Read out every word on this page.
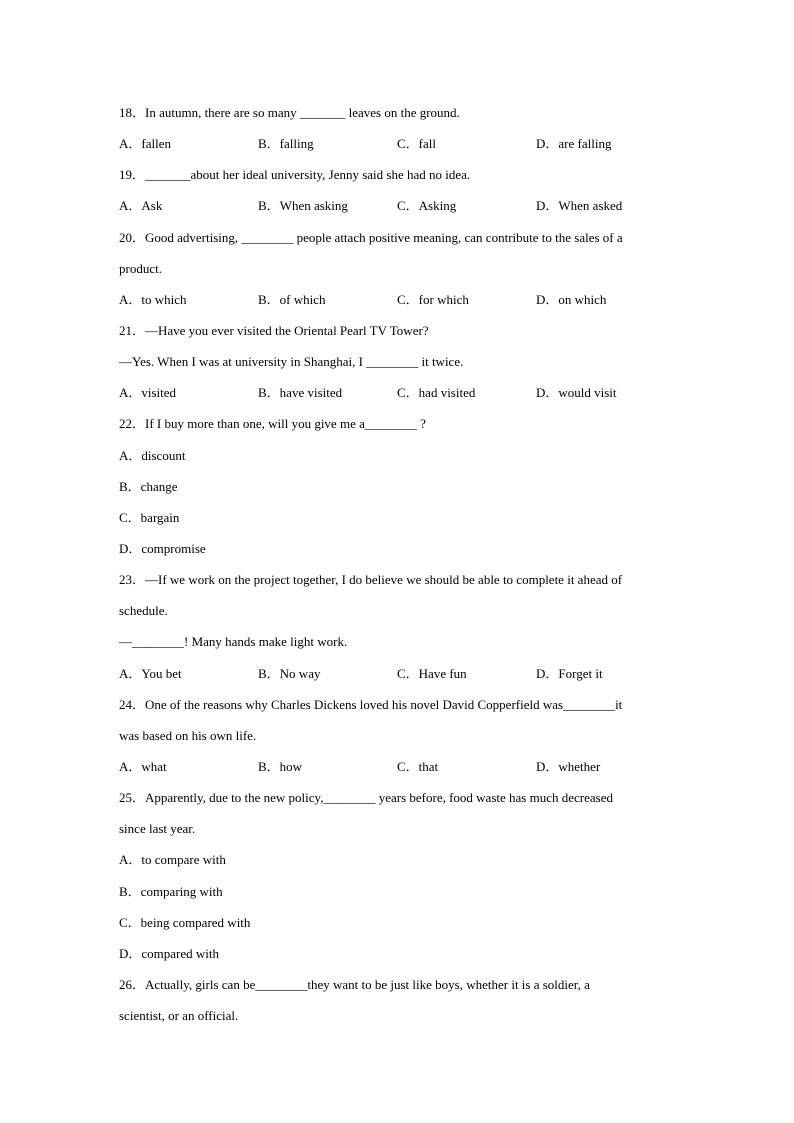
18．In autumn, there are so many _______ leaves on the ground.
A．fallen	B．falling	C．fall	D．are falling
19．_______about her ideal university, Jenny said she had no idea.
A．Ask	B．When asking	C．Asking	D．When asked
20．Good advertising, ________ people attach positive meaning, can contribute to the sales of a
product.
A．to which	B．of which	C．for which	D．on which
21．—Have you ever visited the Oriental Pearl TV Tower?
—Yes. When I was at university in Shanghai, I ________ it twice.
A．visited	B．have visited	C．had visited	D．would visit
22．If I buy more than one, will you give me a________ ?
A．discount
B．change
C．bargain
D．compromise
23．—If we work on the project together, I do believe we should be able to complete it ahead of
schedule.
—________! Many hands make light work.
A．You bet	B．No way	C．Have fun	D．Forget it
24．One of the reasons why Charles Dickens loved his novel David Copperfield was________it
was based on his own life.
A．what	B．how	C．that	D．whether
25．Apparently, due to the new policy,________ years before, food waste has much decreased
since last year.
A．to compare with
B．comparing with
C．being compared with
D．compared with
26．Actually, girls can be________they want to be just like boys, whether it is a soldier, a
scientist, or an official.
